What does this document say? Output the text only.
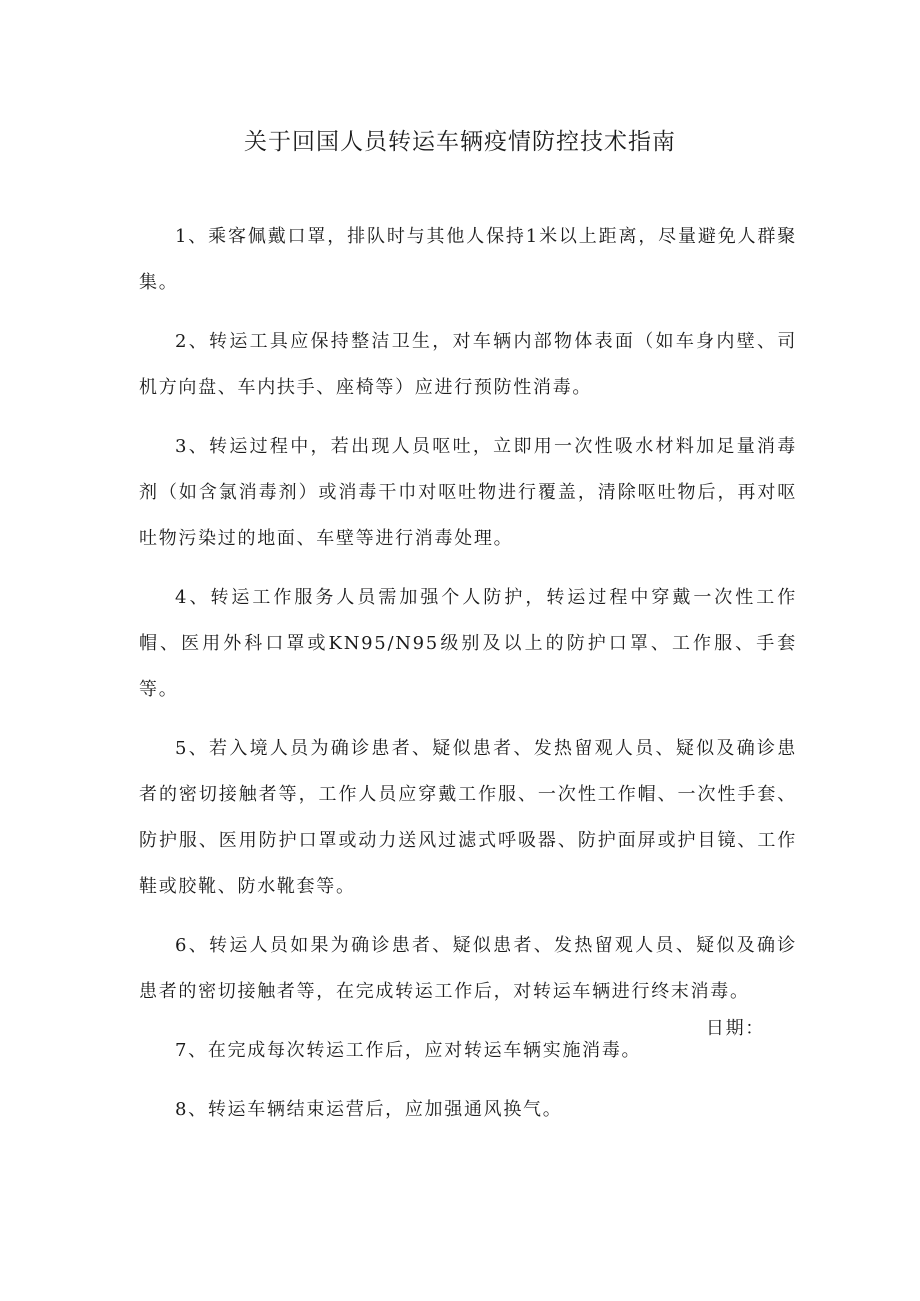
关于回国人员转运车辆疫情防控技术指南

1、乘客佩戴口罩，排队时与其他人保持1米以上距离，尽量避免人群聚集。

2、转运工具应保持整洁卫生，对车辆内部物体表面（如车身内壁、司机方向盘、车内扶手、座椅等）应进行预防性消毒。

3、转运过程中，若出现人员呕吐，立即用一次性吸水材料加足量消毒剂（如含氯消毒剂）或消毒干巾对呕吐物进行覆盖，清除呕吐物后，再对呕吐物污染过的地面、车壁等进行消毒处理。

4、转运工作服务人员需加强个人防护，转运过程中穿戴一次性工作帽、医用外科口罩或KN95/N95级别及以上的防护口罩、工作服、手套等。

5、若入境人员为确诊患者、疑似患者、发热留观人员、疑似及确诊患者的密切接触者等，工作人员应穿戴工作服、一次性工作帽、一次性手套、防护服、医用防护口罩或动力送风过滤式呼吸器、防护面屏或护目镜、工作鞋或胶靴、防水靴套等。

6、转运人员如果为确诊患者、疑似患者、发热留观人员、疑似及确诊患者的密切接触者等，在完成转运工作后，对转运车辆进行终末消毒。

7、在完成每次转运工作后，应对转运车辆实施消毒。

8、转运车辆结束运营后，应加强通风换气。

日期：
